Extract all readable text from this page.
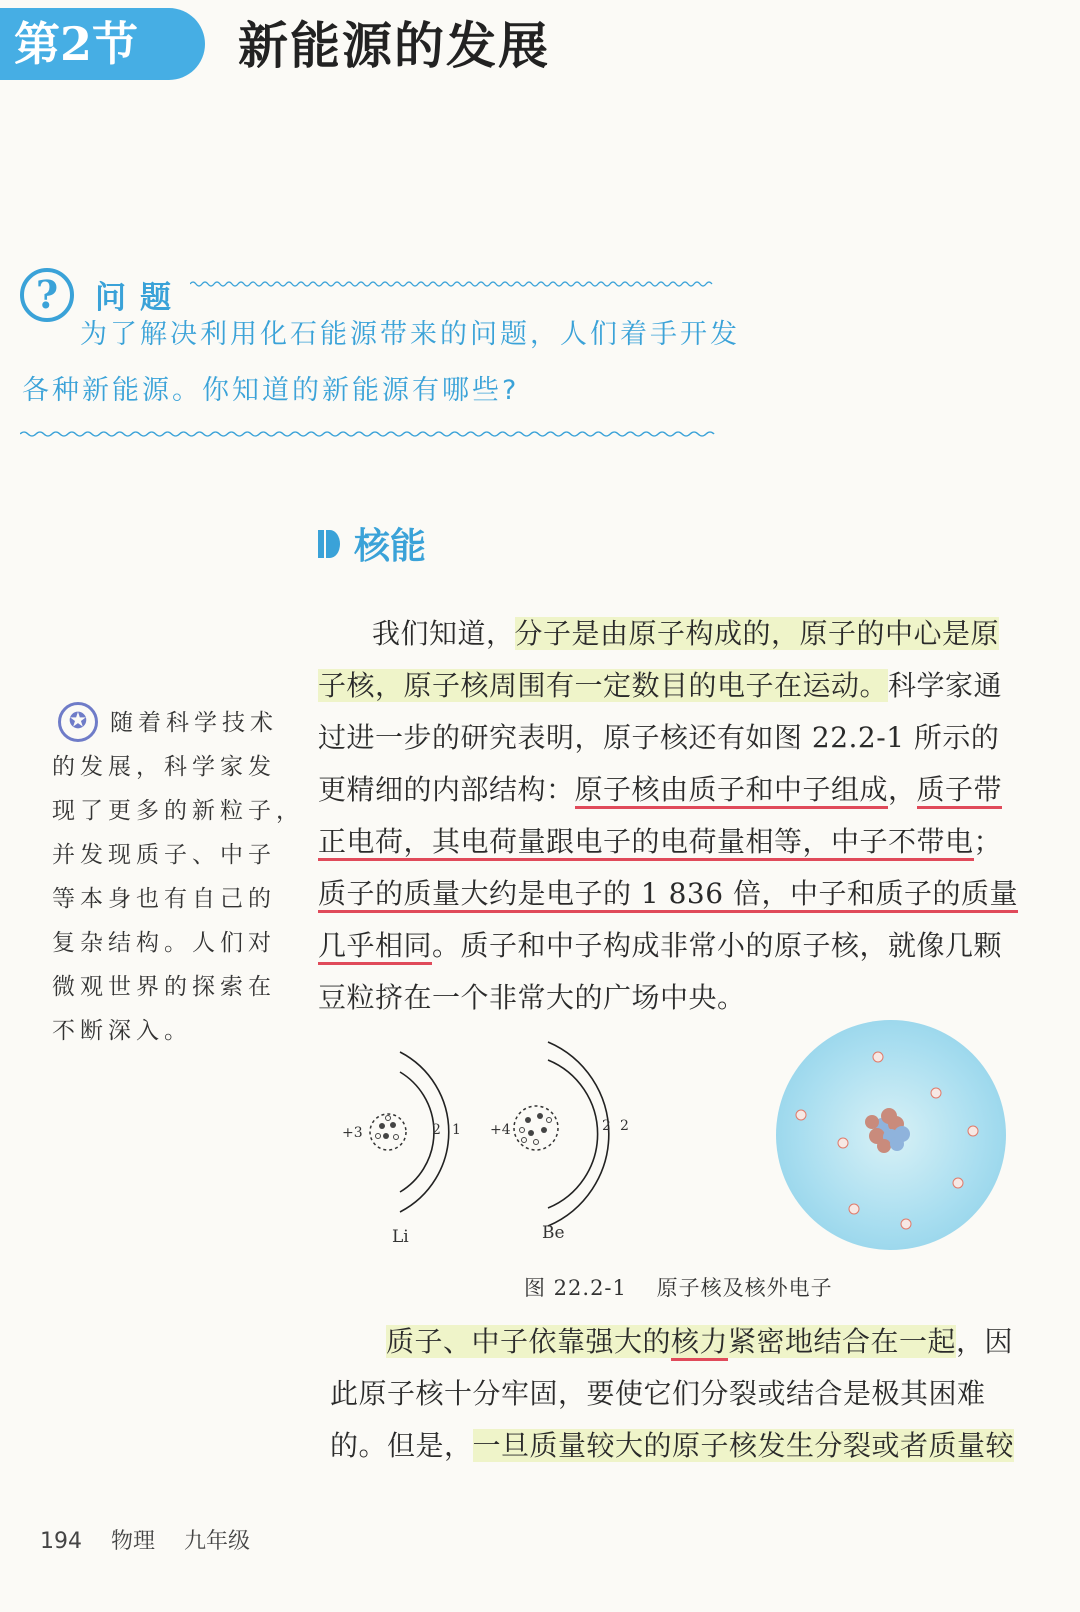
第2节	新能源的发展
?	问题
为了解决利用化石能源带来的问题，人们着手开发
各种新能源。你知道的新能源有哪些?
核能
我们知道，分子是由原子构成的，原子的中心是原
子核，原子核周围有一定数目的电子在运动。科学家通
过进一步的研究表明，原子核还有如图 22.2-1 所示的
更精细的内部结构：原子核由质子和中子组成，质子带
正电荷，其电荷量跟电子的电荷量相等，中子不带电；
质子的质量大约是电子的 1 836 倍，中子和质子的质量
几乎相同。质子和中子构成非常小的原子核，就像几颗
豆粒挤在一个非常大的广场中央。
质子、中子依靠强大的核力紧密地结合在一起，因
此原子核十分牢固，要使它们分裂或结合是极其困难
的。但是，一旦质量较大的原子核发生分裂或者质量较
✪ 随着科学技术
的发展，科学家发
现了更多的新粒子，
并发现质子、中子
等本身也有自己的
复杂结构。人们对
微观世界的探索在
不断深入。
+3	2 1
Li
+4	2 2
Be
图 22.2-1 原子核及核外电子
194 物理 九年级
